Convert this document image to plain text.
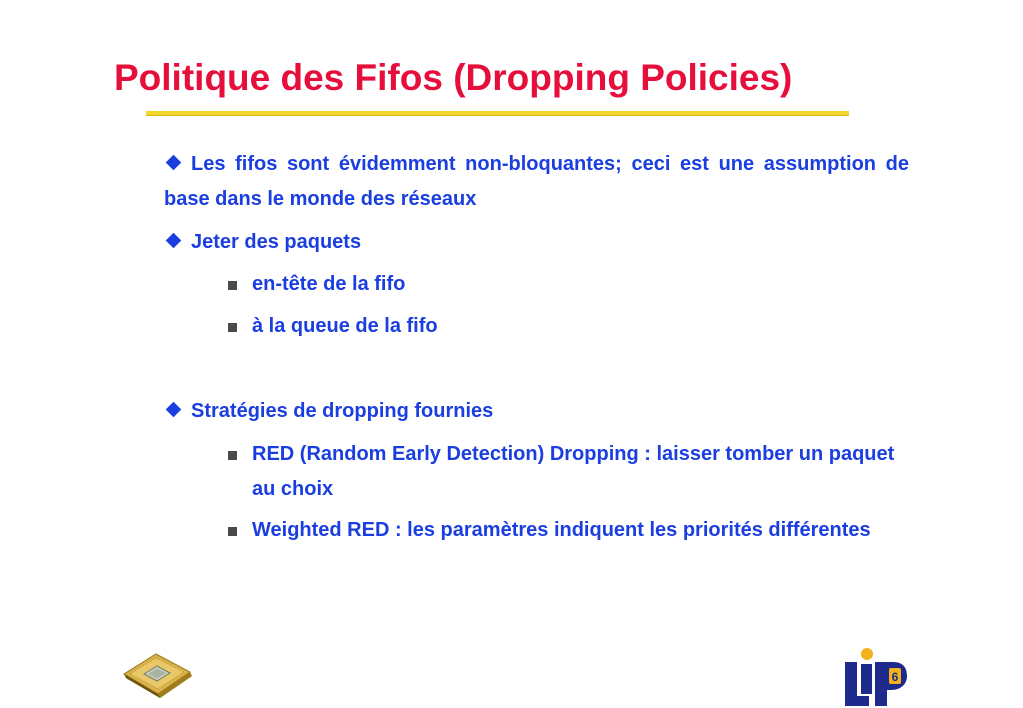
Politique des Fifos (Dropping Policies)
Les fifos sont évidemment non-bloquantes; ceci est une assumption de base dans le monde des réseaux
Jeter des paquets
en-tête de la fifo
à la queue de la fifo
Stratégies de dropping fournies
RED (Random Early Detection) Dropping : laisser tomber un paquet au choix
Weighted RED : les paramètres indiquent les priorités différentes
6
